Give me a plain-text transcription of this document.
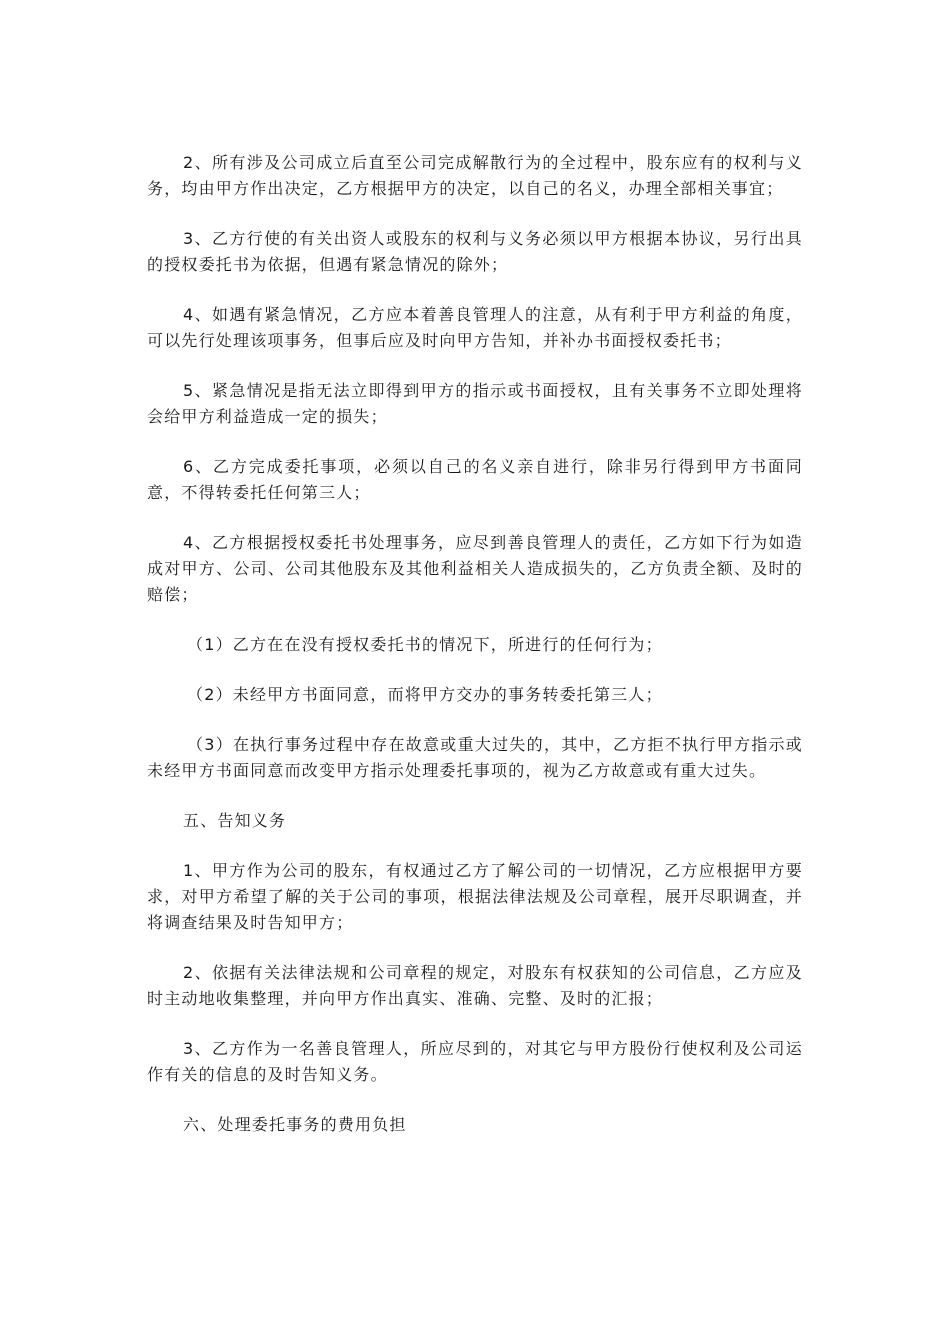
2、所有涉及公司成立后直至公司完成解散行为的全过程中，股东应有的权利与义务，均由甲方作出决定，乙方根据甲方的决定，以自己的名义，办理全部相关事宜；

3、乙方行使的有关出资人或股东的权利与义务必须以甲方根据本协议，另行出具的授权委托书为依据，但遇有紧急情况的除外；

4、如遇有紧急情况，乙方应本着善良管理人的注意，从有利于甲方利益的角度，可以先行处理该项事务，但事后应及时向甲方告知，并补办书面授权委托书；

5、紧急情况是指无法立即得到甲方的指示或书面授权，且有关事务不立即处理将会给甲方利益造成一定的损失；

6、乙方完成委托事项，必须以自己的名义亲自进行，除非另行得到甲方书面同意，不得转委托任何第三人；

4、乙方根据授权委托书处理事务，应尽到善良管理人的责任，乙方如下行为如造成对甲方、公司、公司其他股东及其他利益相关人造成损失的，乙方负责全额、及时的赔偿；

（1）乙方在在没有授权委托书的情况下，所进行的任何行为；

（2）未经甲方书面同意，而将甲方交办的事务转委托第三人；

（3）在执行事务过程中存在故意或重大过失的，其中，乙方拒不执行甲方指示或未经甲方书面同意而改变甲方指示处理委托事项的，视为乙方故意或有重大过失。

五、告知义务

1、甲方作为公司的股东，有权通过乙方了解公司的一切情况，乙方应根据甲方要求，对甲方希望了解的关于公司的事项，根据法律法规及公司章程，展开尽职调查，并将调查结果及时告知甲方；

2、依据有关法律法规和公司章程的规定，对股东有权获知的公司信息，乙方应及时主动地收集整理，并向甲方作出真实、准确、完整、及时的汇报；

3、乙方作为一名善良管理人，所应尽到的，对其它与甲方股份行使权利及公司运作有关的信息的及时告知义务。

六、处理委托事务的费用负担
